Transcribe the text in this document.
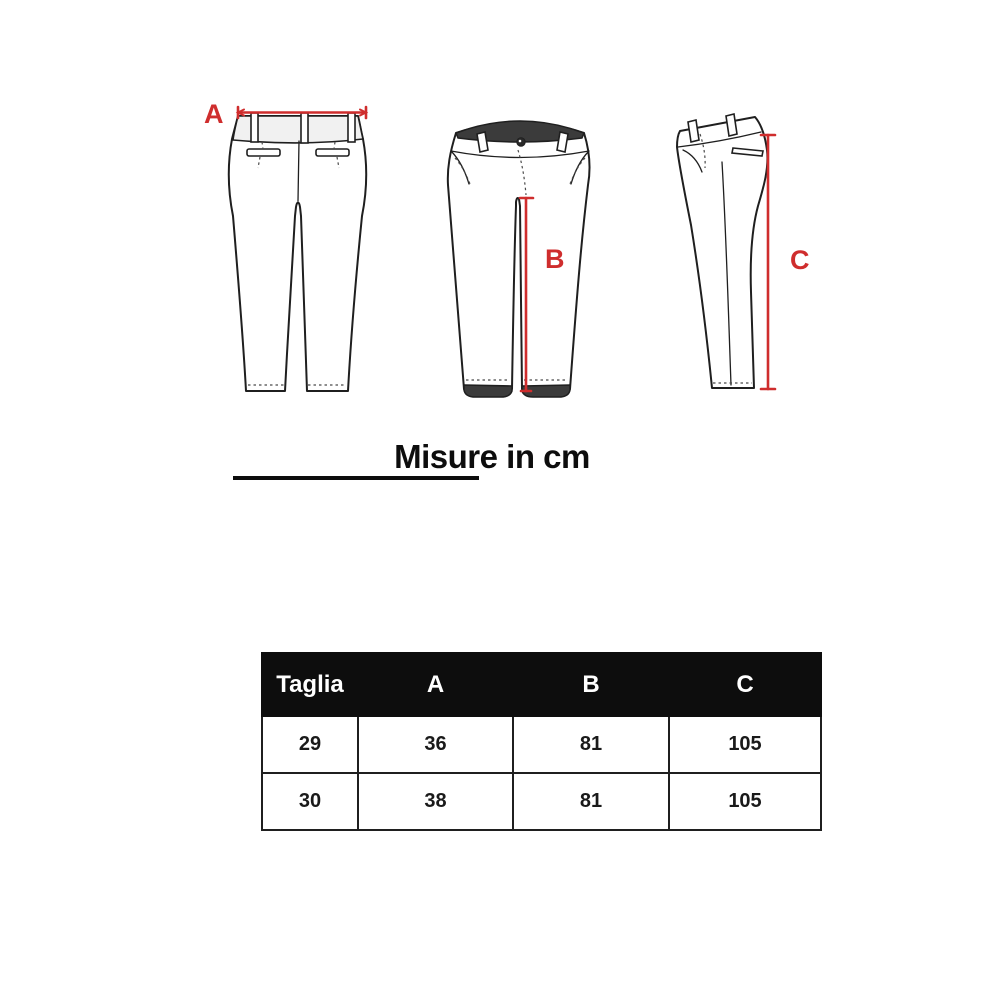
A
B	C
Misure in cm
Taglia	A	B	C
29	36	81	105
30	38	81	105
